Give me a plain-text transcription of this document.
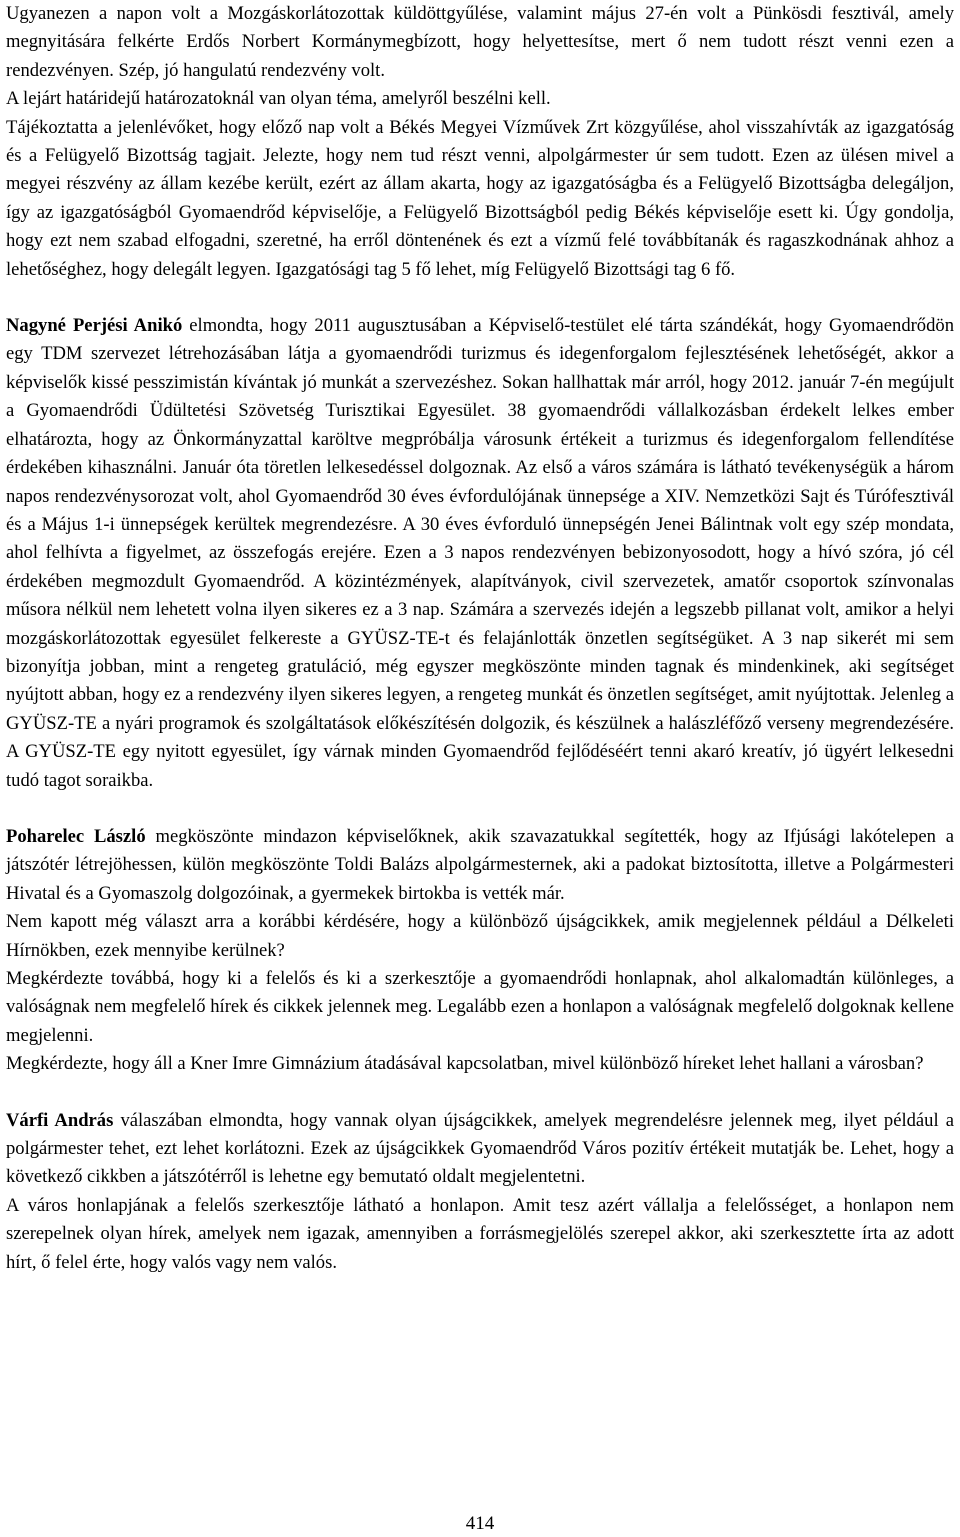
Ugyanezen a napon volt a Mozgáskorlátozottak küldöttgyűlése, valamint május 27-én volt a Pünkösdi fesztivál, amely megnyitására felkérte Erdős Norbert Kormánymegbízott, hogy helyettesítse, mert ő nem tudott részt venni ezen a rendezvényen. Szép, jó hangulatú rendezvény volt.

A lejárt határidejű határozatoknál van olyan téma, amelyről beszélni kell.

Tájékoztatta a jelenlévőket, hogy előző nap volt a Békés Megyei Vízművek Zrt közgyűlése, ahol visszahívták az igazgatóság és a Felügyelő Bizottság tagjait. Jelezte, hogy nem tud részt venni, alpolgármester úr sem tudott. Ezen az ülésen mivel a megyei részvény az állam kezébe került, ezért az állam akarta, hogy az igazgatóságba és a Felügyelő Bizottságba delegáljon, így az igazgatóságból Gyomaendrőd képviselője, a Felügyelő Bizottságból pedig Békés képviselője esett ki. Úgy gondolja, hogy ezt nem szabad elfogadni, szeretné, ha erről döntenének és ezt a vízmű felé továbbítanák és ragaszkodnának ahhoz a lehetőséghez, hogy delegált legyen. Igazgatósági tag 5 fő lehet, míg Felügyelő Bizottsági tag 6 fő.

Nagyné Perjési Anikó elmondta, hogy 2011 augusztusában a Képviselő-testület elé tárta szándékát, hogy Gyomaendrődön egy TDM szervezet létrehozásában látja a gyomaendrődi turizmus és idegenforgalom fejlesztésének lehetőségét, akkor a képviselők kissé pesszimistán kívántak jó munkát a szervezéshez. Sokan hallhattak már arról, hogy 2012. január 7-én megújult a Gyomaendrődi Üdültetési Szövetség Turisztikai Egyesület. 38 gyomaendrődi vállalkozásban érdekelt lelkes ember elhatározta, hogy az Önkormányzattal karöltve megpróbálja városunk értékeit a turizmus és idegenforgalom fellendítése érdekében kihasználni. Január óta töretlen lelkesedéssel dolgoznak. Az első a város számára is látható tevékenységük a három napos rendezvénysorozat volt, ahol Gyomaendrőd 30 éves évfordulójának ünnepsége a XIV. Nemzetközi Sajt és Túrófesztivál és a Május 1-i ünnepségek kerültek megrendezésre. A 30 éves évforduló ünnepségén Jenei Bálintnak volt egy szép mondata, ahol felhívta a figyelmet, az összefogás erejére. Ezen a 3 napos rendezvényen bebizonyosodott, hogy a hívó szóra, jó cél érdekében megmozdult Gyomaendrőd. A közintézmények, alapítványok, civil szervezetek, amatőr csoportok színvonalas műsora nélkül nem lehetett volna ilyen sikeres ez a 3 nap. Számára a szervezés idején a legszebb pillanat volt, amikor a helyi mozgáskorlátozottak egyesület felkereste a GYÜSZ-TE-t és felajánlották önzetlen segítségüket. A 3 nap sikerét mi sem bizonyítja jobban, mint a rengeteg gratuláció, még egyszer megköszönte minden tagnak és mindenkinek, aki segítséget nyújtott abban, hogy ez a rendezvény ilyen sikeres legyen, a rengeteg munkát és önzetlen segítséget, amit nyújtottak. Jelenleg a GYÜSZ-TE a nyári programok és szolgáltatások előkészítésén dolgozik, és készülnek a halászléfőző verseny megrendezésére. A GYÜSZ-TE egy nyitott egyesület, így várnak minden Gyomaendrőd fejlődéséért tenni akaró kreatív, jó ügyért lelkesedni tudó tagot soraikba.

Poharelec László megköszönte mindazon képviselőknek, akik szavazatukkal segítették, hogy az Ifjúsági lakótelepen a játszótér létrejöhessen, külön megköszönte Toldi Balázs alpolgármesternek, aki a padokat biztosította, illetve a Polgármesteri Hivatal és a Gyomaszolg dolgozóinak, a gyermekek birtokba is vették már.

Nem kapott még választ arra a korábbi kérdésére, hogy a különböző újságcikkek, amik megjelennek például a Délkeleti Hírnökben, ezek mennyibe kerülnek?

Megkérdezte továbbá, hogy ki a felelős és ki a szerkesztője a gyomaendrődi honlapnak, ahol alkalomadtán különleges, a valóságnak nem megfelelő hírek és cikkek jelennek meg. Legalább ezen a honlapon a valóságnak megfelelő dolgoknak kellene megjelenni.

Megkérdezte, hogy áll a Kner Imre Gimnázium átadásával kapcsolatban, mivel különböző híreket lehet hallani a városban?

Várfi András válaszában elmondta, hogy vannak olyan újságcikkek, amelyek megrendelésre jelennek meg, ilyet például a polgármester tehet, ezt lehet korlátozni. Ezek az újságcikkek Gyomaendrőd Város pozitív értékeit mutatják be. Lehet, hogy a következő cikkben a játszótérről is lehetne egy bemutató oldalt megjelentetni.

A város honlapjának a felelős szerkesztője látható a honlapon. Amit tesz azért vállalja a felelősséget, a honlapon nem szerepelnek olyan hírek, amelyek nem igazak, amennyiben a forrásmegjelölés szerepel akkor, aki szerkesztette írta az adott hírt, ő felel érte, hogy valós vagy nem valós.

414
